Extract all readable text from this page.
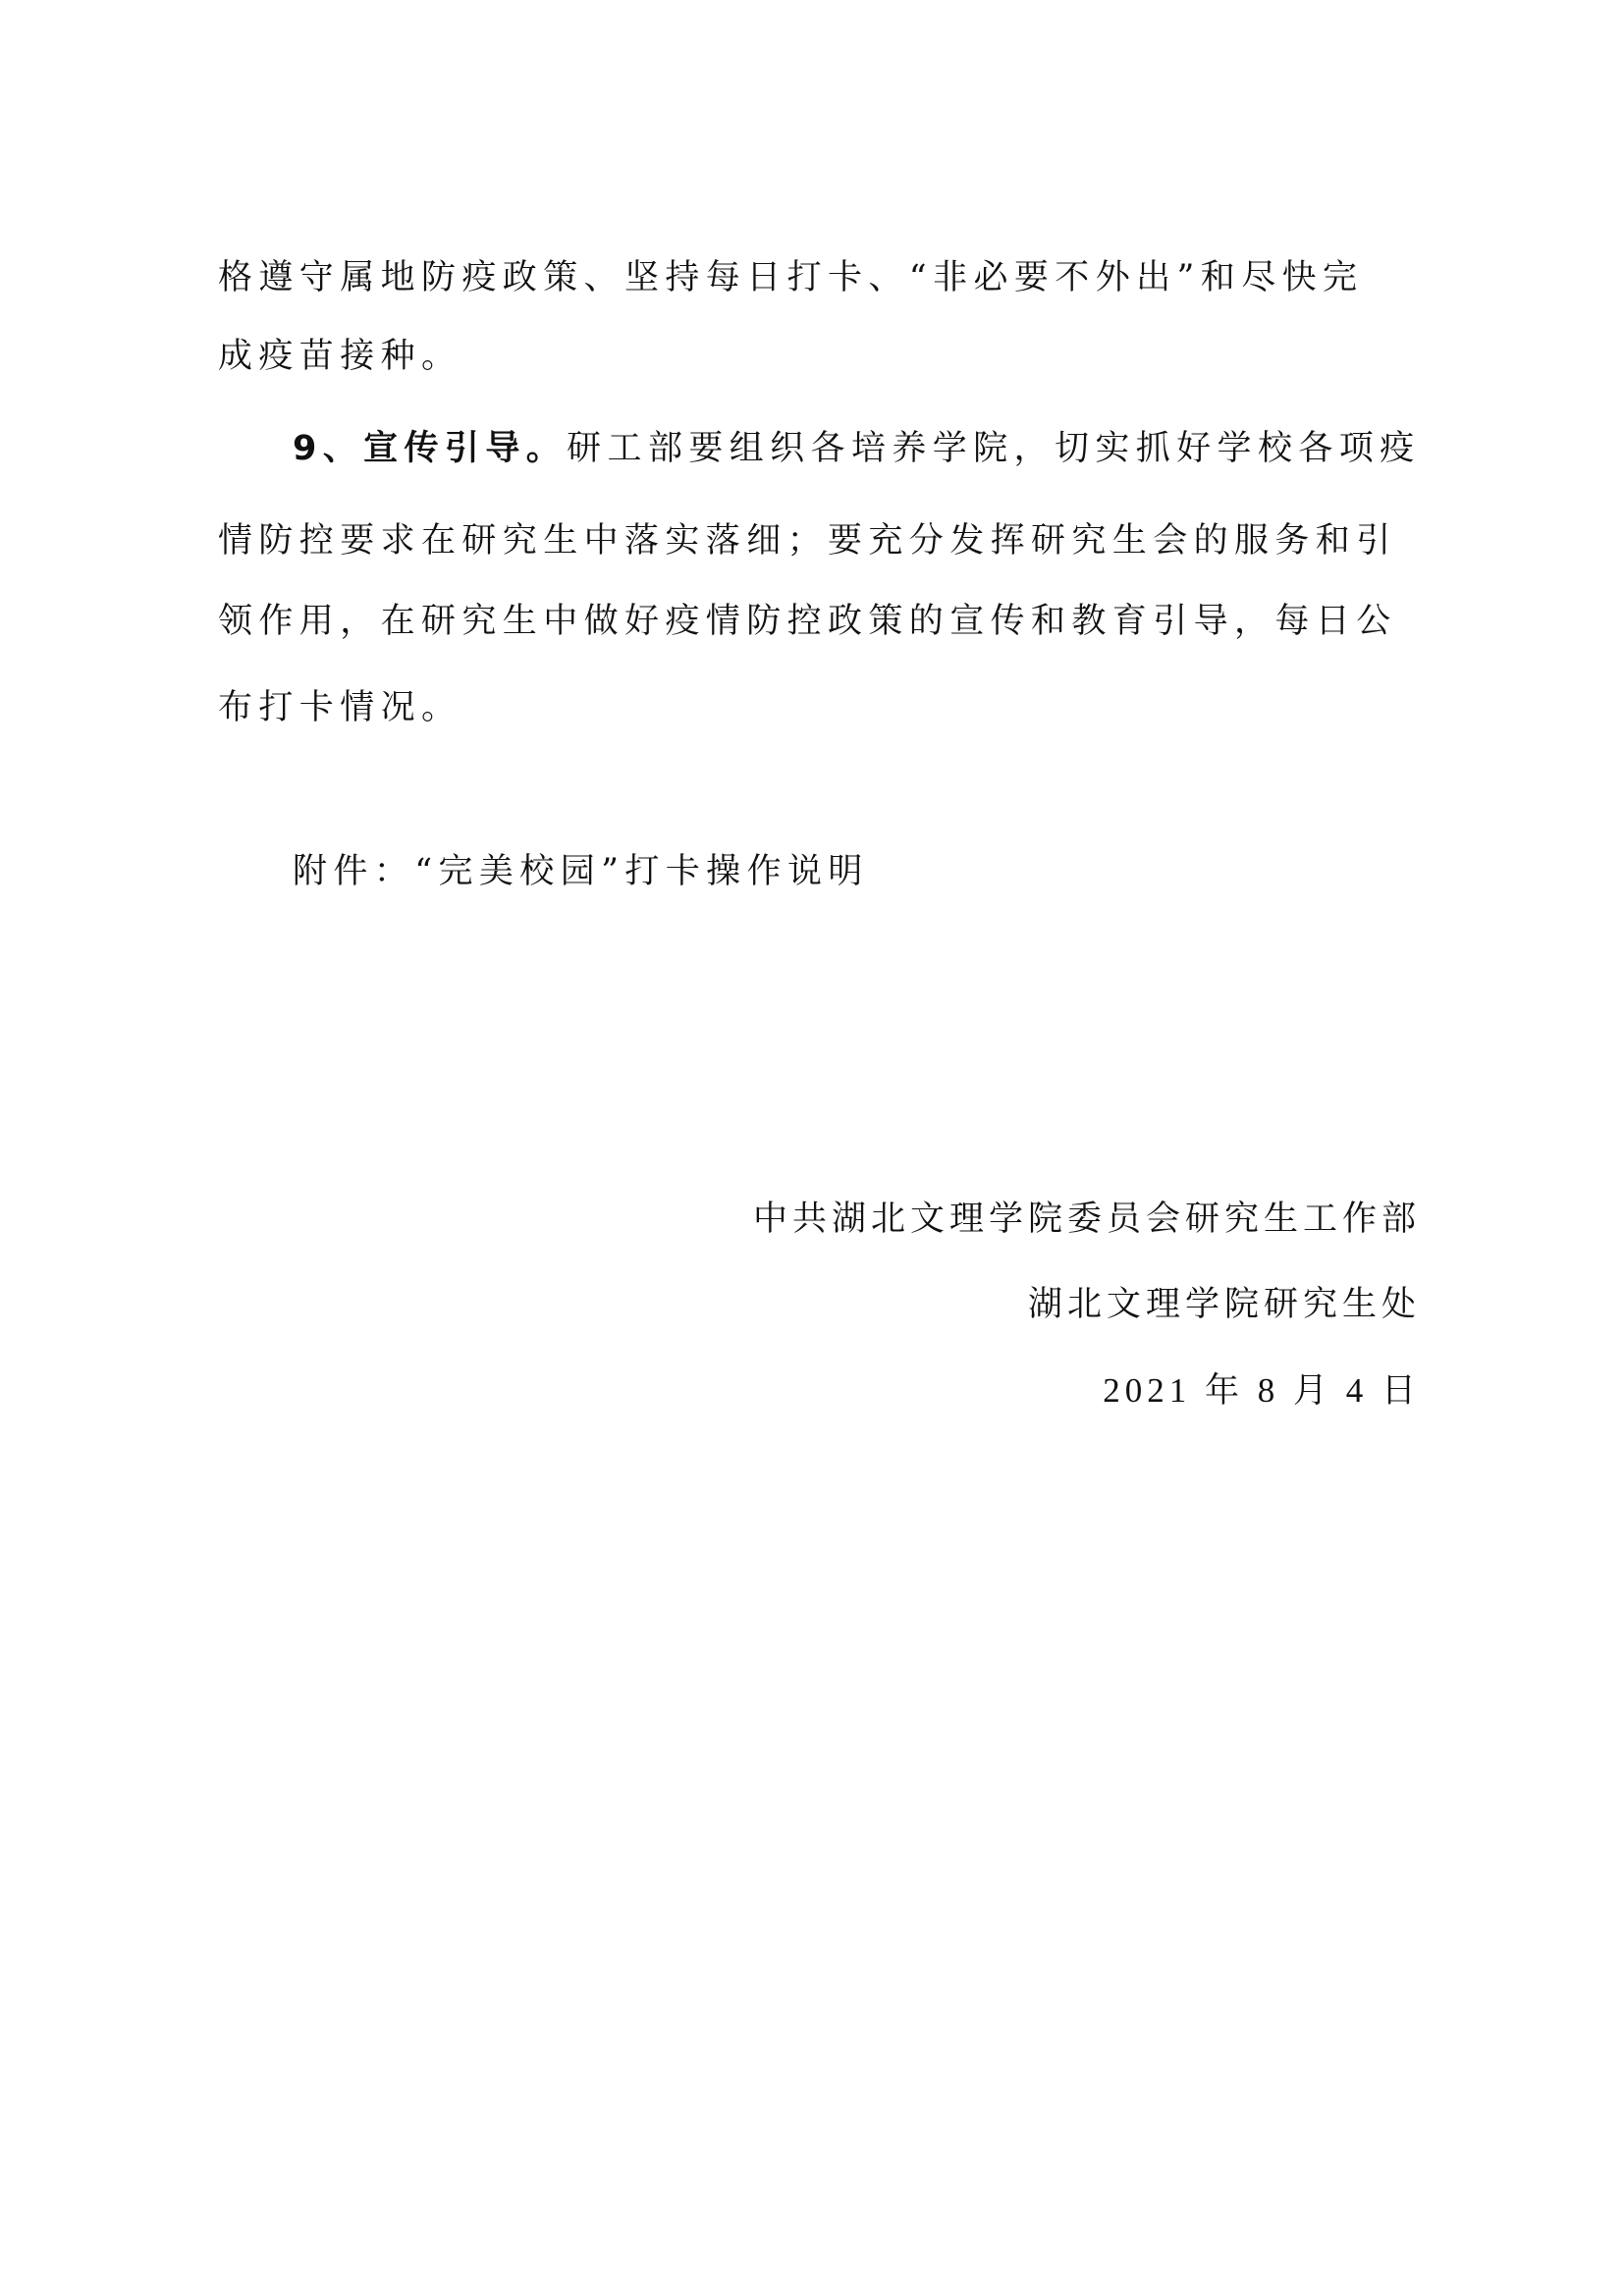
格遵守属地防疫政策、坚持每日打卡、“非必要不外出”和尽快完
成疫苗接种。
9、宣传引导。研工部要组织各培养学院，切实抓好学校各项疫
情防控要求在研究生中落实落细；要充分发挥研究生会的服务和引
领作用，在研究生中做好疫情防控政策的宣传和教育引导，每日公
布打卡情况。
附件：“完美校园”打卡操作说明
中共湖北文理学院委员会研究生工作部
湖北文理学院研究生处
2021 年 8 月 4 日
